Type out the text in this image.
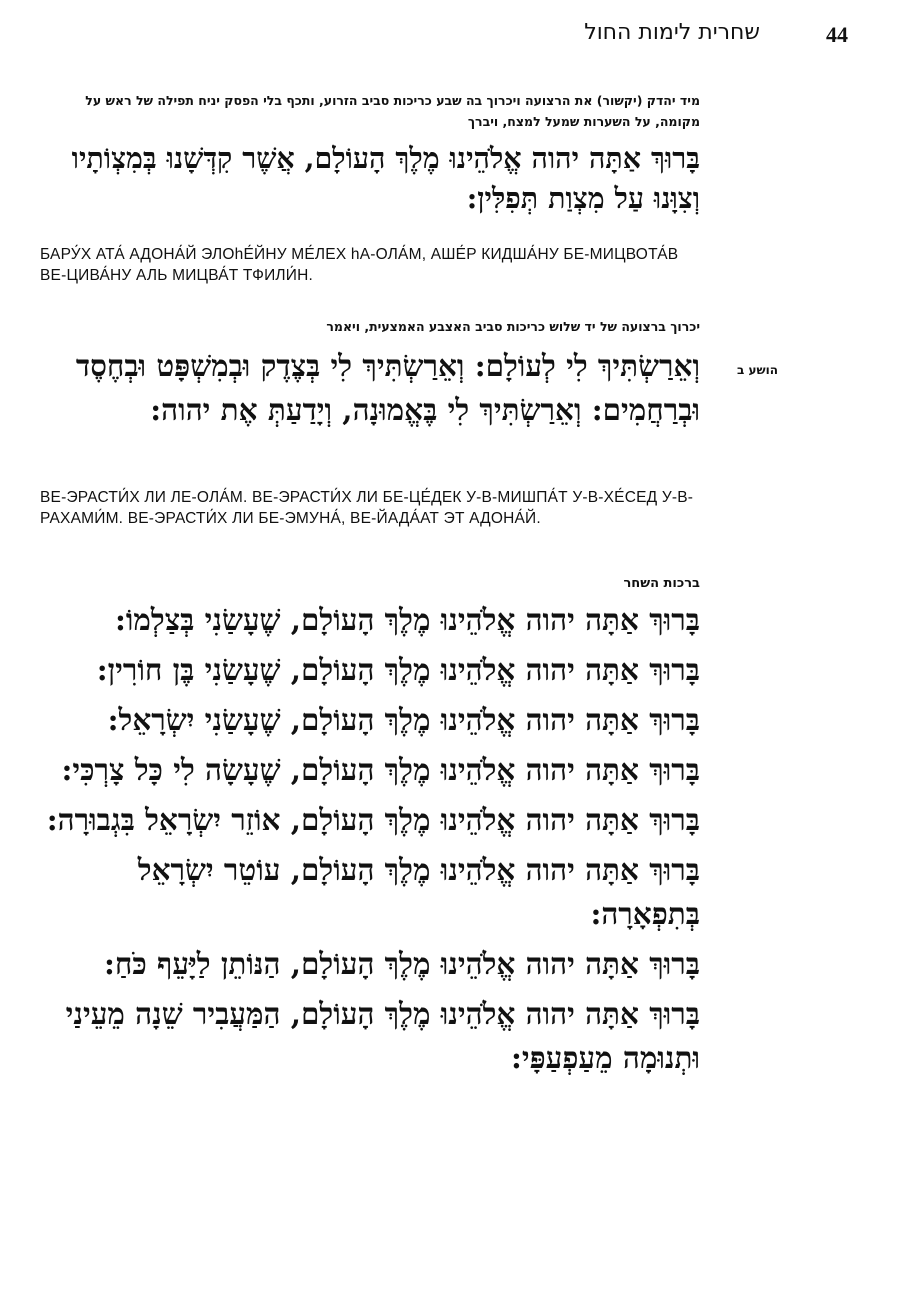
44
שחרית לימות החול
מיד יהדק (יקשור) את הרצועה ויכרוך בה שבע כריכות סביב הזרוע, ותכף בלי הפסק יניח תפילה של ראש על מקומה, על השערות שמעל למצח, ויברך
בָּרוּךְ אַתָּה יהוה אֱלֹהֵינוּ מֶלֶךְ הָעוֹלָם, אֲשֶׁר קִדְּשָׁנוּ בְּמִצְוֹתָיו וְצִוָּנוּ עַל מִצְוַת תְּפִלִּין:
БАРУ́Х АТА́ АДОНА́Й ЭЛОhЕ́ЙНУ МЕ́ЛЕХ hА-ОЛА́М, АШЕ́Р КИДША́НУ БЕ-МИЦВОТА́В ВЕ-ЦИВА́НУ АЛЬ МИЦВА́Т ТФИЛИ́Н.
יכרוך ברצועה של יד שלוש כריכות סביב האצבע האמצעית, ויאמר
הושע ב
וְאֵרַשְׂתִּיךְ לִי לְעוֹלָם: וְאֵרַשְׂתִּיךְ לִי בְּצֶדֶק וּבְמִשְׁפָּט וּבְחֶסֶד וּבְרַחֲמִים: וְאֵרַשְׂתִּיךְ לִי בֶּאֱמוּנָה, וְיָדַעַתְּ אֶת יהוה:
ВЕ-ЭРАСТИ́Х ЛИ ЛЕ-ОЛА́М. ВЕ-ЭРАСТИ́Х ЛИ БЕ-ЦЕ́ДЕК У-В-МИШПА́Т У-В-ХЕ́СЕД У-В-РАХАМИ́М. ВЕ-ЭРАСТИ́Х ЛИ БЕ-ЭМУНА́, ВЕ-ЙАДА́АТ ЭТ АДОНА́Й.
ברכות השחר
בָּרוּךְ אַתָּה יהוה אֱלֹהֵינוּ מֶלֶךְ הָעוֹלָם, שֶׁעָשַׂנִי בְּצַלְמוֹ:
בָּרוּךְ אַתָּה יהוה אֱלֹהֵינוּ מֶלֶךְ הָעוֹלָם, שֶׁעָשַׂנִי בֶּן חוֹרִין:
בָּרוּךְ אַתָּה יהוה אֱלֹהֵינוּ מֶלֶךְ הָעוֹלָם, שֶׁעָשַׂנִי יִשְׂרָאֵל:
בָּרוּךְ אַתָּה יהוה אֱלֹהֵינוּ מֶלֶךְ הָעוֹלָם, שֶׁעָשָׂה לִי כָּל צָרְכִּי:
בָּרוּךְ אַתָּה יהוה אֱלֹהֵינוּ מֶלֶךְ הָעוֹלָם, אוֹזֵר יִשְׂרָאֵל בִּגְבוּרָה:
בָּרוּךְ אַתָּה יהוה אֱלֹהֵינוּ מֶלֶךְ הָעוֹלָם, עוֹטֵר יִשְׂרָאֵל בְּתִפְאָרָה:
בָּרוּךְ אַתָּה יהוה אֱלֹהֵינוּ מֶלֶךְ הָעוֹלָם, הַנּוֹתֵן לַיָּעֵף כֹּחַ:
בָּרוּךְ אַתָּה יהוה אֱלֹהֵינוּ מֶלֶךְ הָעוֹלָם, הַמַּעֲבִיר שֵׁנָה מֵעֵינַי וּתְנוּמָה מֵעַפְעַפָּי:
